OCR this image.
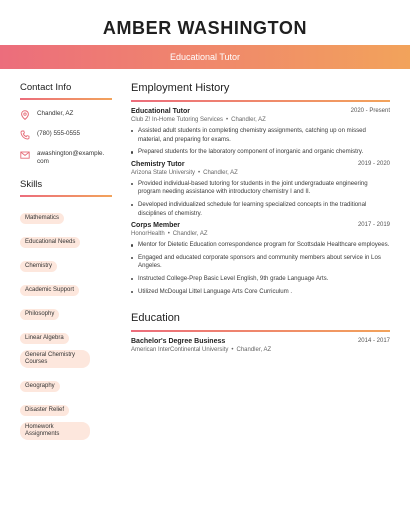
AMBER WASHINGTON
Educational Tutor
Contact Info
Chandler, AZ
(780) 555-0555
awashington@example.com
Skills
Mathematics
Educational Needs
Chemistry
Academic Support
Philosophy
Linear Algebra
General Chemistry Courses
Geography
Disaster Relief
Homework Assignments
Employment History
Educational Tutor	2020 - Present
Club Z! In-Home Tutoring Services • Chandler, AZ
Assisted adult students in completing chemistry assignments, catching up on missed material, and preparing for exams.
Prepared students for the laboratory component of inorganic and organic chemistry.
Chemistry Tutor	2019 - 2020
Arizona State University • Chandler, AZ
Provided individual-based tutoring for students in the joint undergraduate engineering program needing assistance with introductory chemistry I and II.
Developed individualized schedule for learning specialized concepts in the traditional disciplines of chemistry.
Corps Member	2017 - 2019
HonorHealth • Chandler, AZ
Mentor for Dietetic Education correspondence program for Scottsdale Healthcare employees.
Engaged and educated corporate sponsors and community members about service in Los Angeles.
Instructed College-Prep Basic Level English, 9th grade Language Arts.
Utilized McDougal Littel Language Arts Core Curriculum .
Education
Bachelor's Degree Business	2014 - 2017
American InterContinental University • Chandler, AZ
